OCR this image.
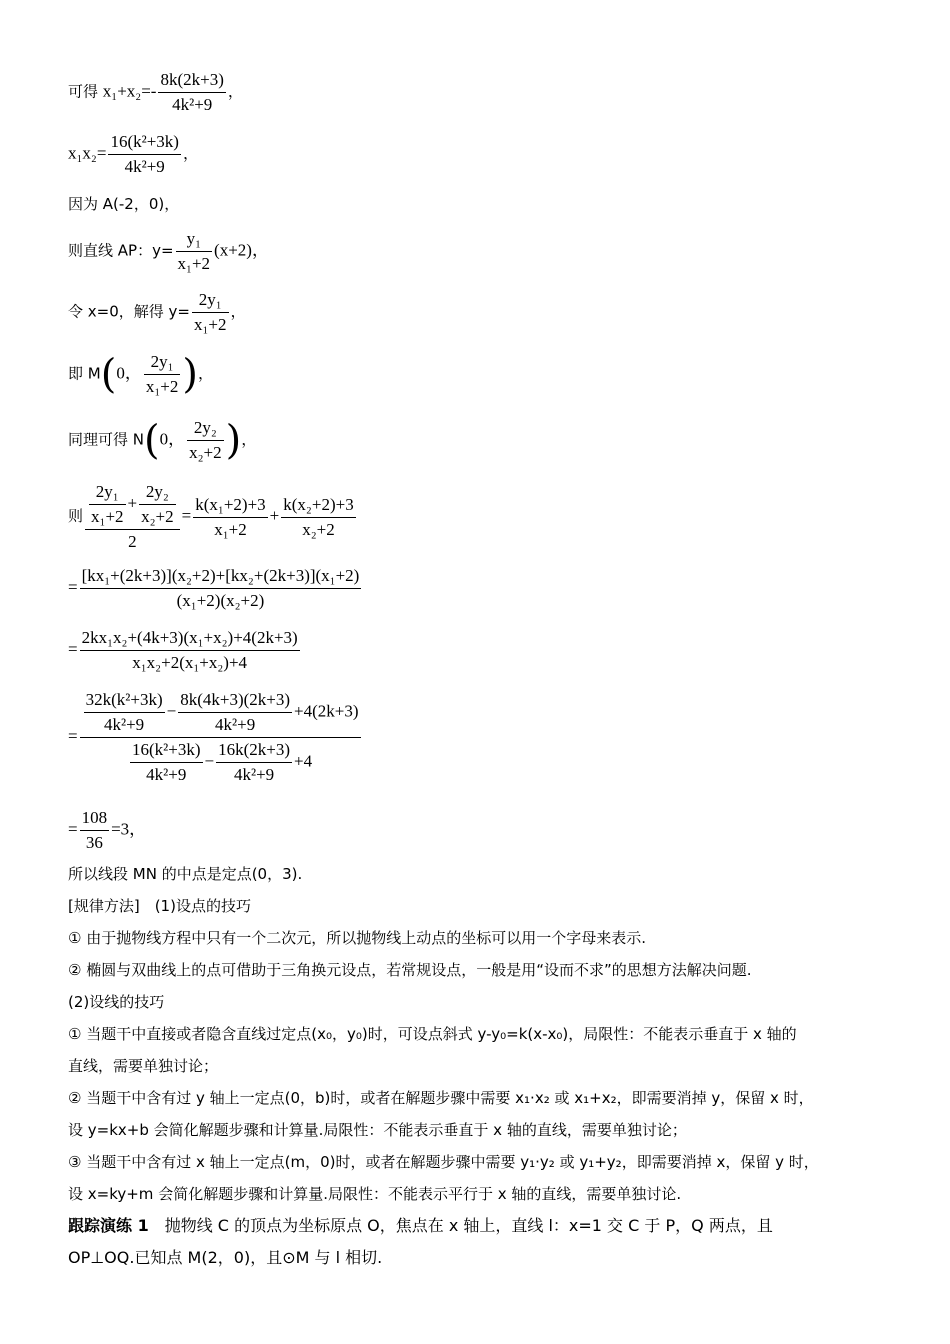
可得 $x_1+x_2=- \frac{8k(2k+3)}{\text{4k²+9}}$ ，
$x_1x_2= \frac{\text{16(k²+3k)}}{\text{4k²+9}}$ ，
因为 A(-2，0)，
则直线 AP：$y= \frac{\text{y₁}}{\text{x₁+2}} (x+2)$，
令 x=0，解得 $y= \frac{\text{2y₁}}{\text{x₁+2}}$ ，
即 M(0， $\frac{\text{2y₁}}{\text{x₁+2}}$ )，
同理可得 N(0， $\frac{\text{2y₂}}{\text{x₂+2}}$ )，
则 $\frac{\frac{\text{2y₁}}{\text{x₁+2}} + \frac{\text{2y₂}}{\text{x₂+2}}}{2} = \frac{\text{k(x₁+2)+3}}{\text{x₁+2}} + \frac{\text{k(x₂+2)+3}}{\text{x₂+2}}$
= $\frac{\text{[kx₁+(2k+3)](x₂+2)+[kx₂+(2k+3)](x₁+2)}}{\text{(x₁+2)(x₂+2)}}$
= $\frac{\text{2kx₁x₂+(4k+3)(x₁+x₂)+4(2k+3)}}{\text{x₁x₂+2(x₁+x₂)+4}}$
= $\frac{\frac{\text{32k(k²+3k)}}{\text{4k²+9}} - \frac{8k(4k+3)(2k+3)}{\text{4k²+9}} +4(2k+3)}{\frac{\text{16(k²+3k)}}{\text{4k²+9}} - \frac{16k(2k+3)}{\text{4k²+9}} +4}$
= $\frac{108}{36} =3$，
所以线段 MN 的中点是定点(0，3).
[规律方法]　(1)设点的技巧
① 由于抛物线方程中只有一个二次元，所以抛物线上动点的坐标可以用一个字母来表示.
② 椭圆与双曲线上的点可借助于三角换元设点，若常规设点，一般是用“设而不求”的思想方法解决问题.
(2)设线的技巧
① 当题干中直接或者隐含直线过定点(x₀，y₀)时，可设点斜式 y-y₀=k(x-x₀)，局限性：不能表示垂直于 x 轴的
直线，需要单独讨论；
② 当题干中含有过 y 轴上一定点(0，b)时，或者在解题步骤中需要 x₁·x₂ 或 x₁+x₂，即需要消掉 y，保留 x 时，
设 y=kx+b 会简化解题步骤和计算量.局限性：不能表示垂直于 x 轴的直线，需要单独讨论；
③ 当题干中含有过 x 轴上一定点(m，0)时，或者在解题步骤中需要 y₁·y₂ 或 y₁+y₂，即需要消掉 x，保留 y 时，
设 x=ky+m 会简化解题步骤和计算量.局限性：不能表示平行于 x 轴的直线，需要单独讨论.
跟踪演练 1　抛物线 C 的顶点为坐标原点 O，焦点在 x 轴上，直线 l：x=1 交 C 于 P，Q 两点，且
OP⊥OQ.已知点 M(2，0)，且⊙M 与 l 相切.
